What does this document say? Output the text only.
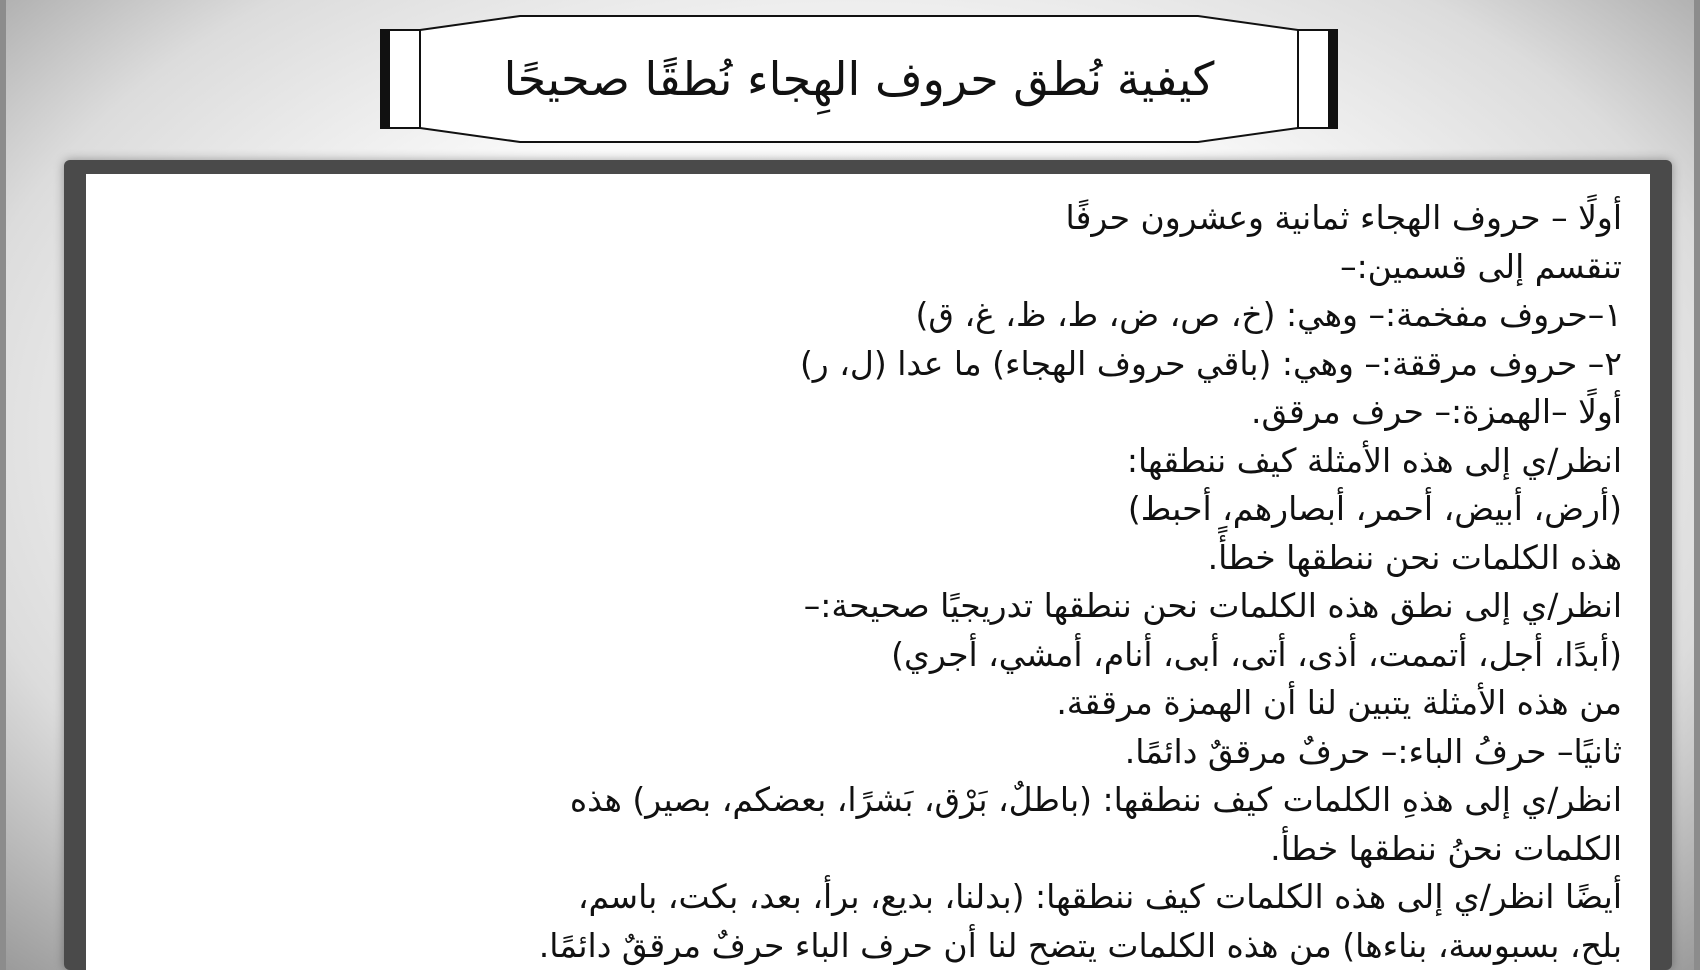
كيفية نُطق حروف الهِجاء نُطقًا صحيحًا
أولًا – حروف الهجاء ثمانية وعشرون حرفًا
تنقسم إلى قسمين:–
١–حروف مفخمة:– وهي: (خ، ص، ض، ط، ظ، غ، ق)
٢– حروف مرققة:– وهي: (باقي حروف الهجاء) ما عدا (ل، ر)
أولًا –الهمزة:– حرف مرقق.
انظر/ي إلى هذه الأمثلة كيف ننطقها:
(أرض، أبيض، أحمر، أبصارهم، أحبط)
هذه الكلمات نحن ننطقها خطأً.
انظر/ي إلى نطق هذه الكلمات نحن ننطقها تدريجيًا صحيحة:–
(أبدًا، أجل، أتممت، أذى، أتى، أبى، أنام، أمشي، أجري)
من هذه الأمثلة يتبين لنا أن الهمزة مرققة.
ثانيًا– حرفُ الباء:– حرفٌ مرققٌ دائمًا.
انظر/ي إلى هذهِ الكلمات كيف ننطقها: (باطلٌ، بَرْق، بَشرًا، بعضكم، بصير) هذه
الكلمات نحنُ ننطقها خطأ.
أيضًا انظر/ي إلى هذه الكلمات كيف ننطقها: (بدلنا، بديع، برأ، بعد، بكت، باسم،
بلح، بسبوسة، بناءها) من هذه الكلمات يتضح لنا أن حرف الباء حرفٌ مرققٌ دائمًا.
